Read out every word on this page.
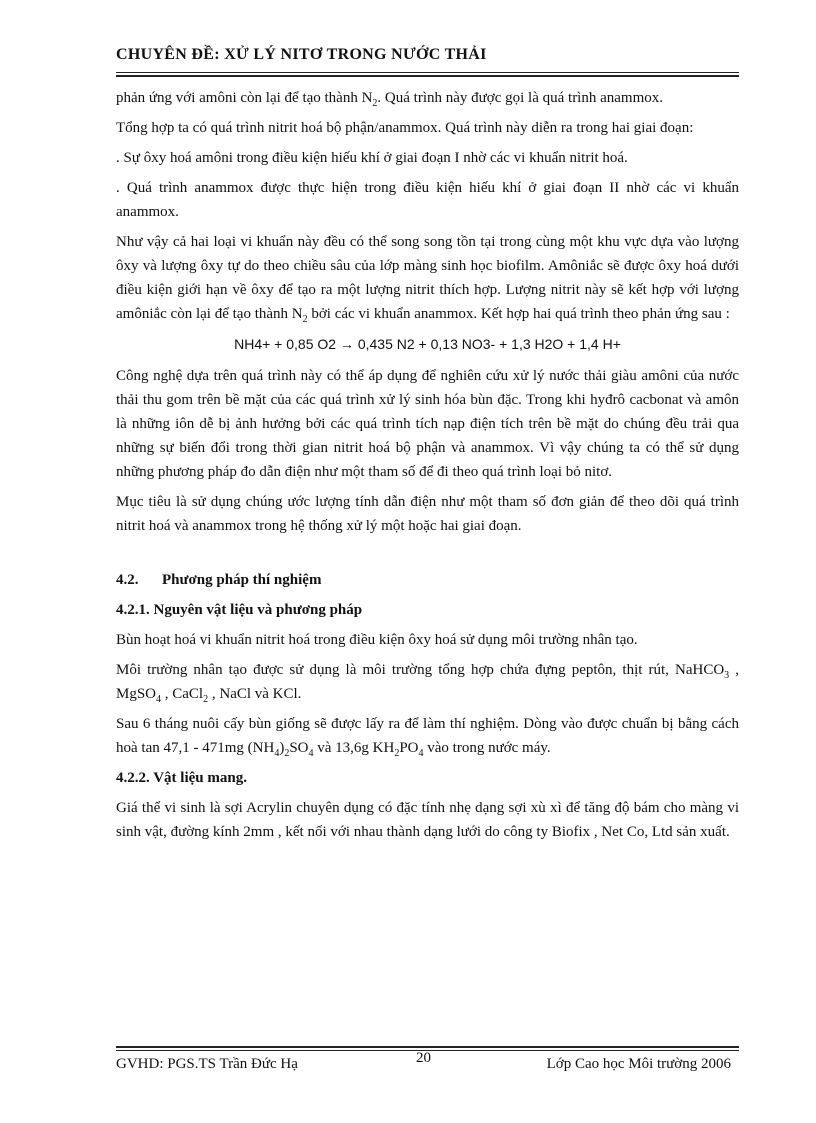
CHUYÊN ĐỀ: XỬ LÝ NITƠ TRONG NƯỚC THẢI

phản ứng với amôni còn lại để tạo thành $N_2$. Quá trình này được gọi là quá trình anammox.

Tổng hợp ta có quá trình nitrit hoá bộ phận/anammox. Quá trình này diễn ra trong hai giai đoạn:

. Sự ôxy hoá amôni trong điều kiện hiếu khí ở giai đoạn I nhờ các vi khuẩn nitrit hoá.

. Quá trình anammox được thực hiện trong điều kiện hiếu khí ở giai đoạn II nhờ các vi khuẩn anammox.

Như vậy cả hai loại vi khuẩn này đều có thể song song tồn tại trong cùng một khu vực dựa vào lượng ôxy và lượng ôxy tự do theo chiều sâu của lớp màng sinh học biofilm. Amôniắc sẽ được ôxy hoá dưới điều kiện giới hạn về ôxy để tạo ra một lượng nitrit thích hợp. Lượng nitrit này sẽ kết hợp với lượng amôniắc còn lại để tạo thành $N_2$ bởi các vi khuẩn anammox. Kết hợp hai quá trình theo phản ứng sau :

NH4+ + 0,85 O2 → 0,435 N2 + 0,13 NO3- + 1,3 H2O + 1,4 H+

Công nghệ dựa trên quá trình này có thể áp dụng để nghiên cứu xử lý nước thải giàu amôni của nước thải thu gom trên bề mặt của các quá trình xử lý sinh hóa bùn đặc. Trong khi hyđrô cacbonat và amôn là những iôn dễ bị ảnh hưởng bởi các quá trình tích nạp điện tích trên bề mặt do chúng đều trải qua những sự biến đổi trong thời gian nitrit hoá bộ phận và anammox. Vì vậy chúng ta có thể sử dụng những phương pháp đo dẫn điện như một tham số để đi theo quá trình loại bỏ nitơ.

Mục tiêu là sử dụng chúng ước lượng tính dẫn điện như một tham số đơn giản để theo dõi quá trình nitrit hoá và anammox trong hệ thống xử lý một hoặc hai giai đoạn.

4.2. Phương pháp thí nghiệm
4.2.1. Nguyên vật liệu và phương pháp

Bùn hoạt hoá vi khuẩn nitrit hoá trong điều kiện ôxy hoá sử dụng môi trường nhân tạo.

Môi trường nhân tạo được sử dụng là môi trường tổng hợp chứa đựng peptôn, thịt rút, NaHCO$_3$ , MgSO$_4$ , CaCl$_2$ , NaCl và KCl.

Sau 6 tháng nuôi cấy bùn giống sẽ được lấy ra để làm thí nghiệm. Dòng vào được chuẩn bị bằng cách hoà tan 47,1 - 471mg $(NH_4)_2SO_4$ và 13,6g $KH_2PO_4$ vào trong nước máy.

4.2.2. Vật liệu mang.

Giá thể vi sinh là sợi Acrylin chuyên dụng có đặc tính nhẹ dạng sợi xù xì để tăng độ bám cho màng vi sinh vật, đường kính 2mm , kết nối với nhau thành dạng lưới do công ty Biofix , Net Co, Ltd sản xuất.

GVHD: PGS.TS Trần Đức Hạ	20	Lớp Cao học Môi trường 2006
